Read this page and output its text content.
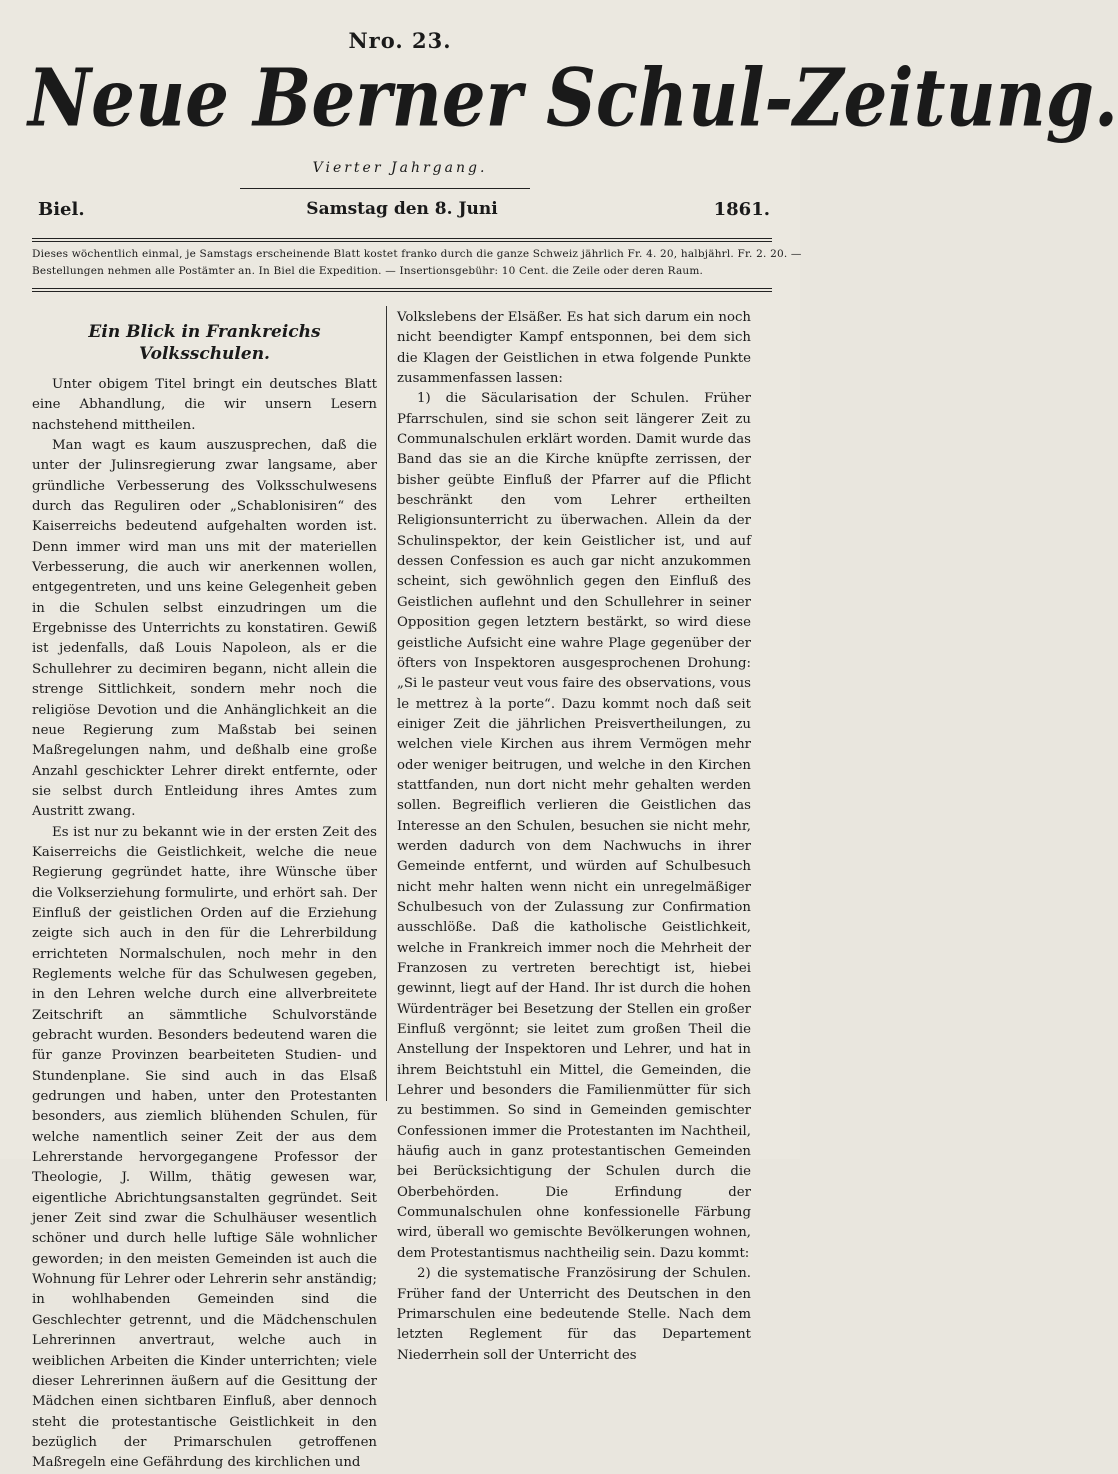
Nro. 23.
Neue Berner Schul-Zeitung.
Vierter Jahrgang.
Biel.	Samstag den 8. Juni	1861.
Dieses wöchentlich einmal, je Samstags erscheinende Blatt kostet franko durch die ganze Schweiz jährlich Fr. 4. 20, halbjährl. Fr. 2. 20. —
Bestellungen nehmen alle Postämter an. In Biel die Expedition. — Insertionsgebühr: 10 Cent. die Zeile oder deren Raum.
Ein Blick in Frankreichs Volksschulen.

Unter obigem Titel bringt ein deutsches Blatt eine Abhandlung, die wir unsern Lesern nachstehend mittheilen.

Man wagt es kaum auszusprechen, daß die unter der Julinsregierung zwar langsame, aber gründliche Verbesserung des Volksschulwesens durch das Reguliren oder „Schablonisiren“ des Kaiserreichs bedeutend aufgehalten worden ist. Denn immer wird man uns mit der materiellen Verbesserung, die auch wir anerkennen wollen, entgegentreten, und uns keine Gelegenheit geben in die Schulen selbst einzudringen um die Ergebnisse des Unterrichts zu konstatiren. Gewiß ist jedenfalls, daß Louis Napoleon, als er die Schullehrer zu decimiren begann, nicht allein die strenge Sittlichkeit, sondern mehr noch die religiöse Devotion und die Anhänglichkeit an die neue Regierung zum Maßstab bei seinen Maßregelungen nahm, und deßhalb eine große Anzahl geschickter Lehrer direkt entfernte, oder sie selbst durch Entleidung ihres Amtes zum Austritt zwang.

Es ist nur zu bekannt wie in der ersten Zeit des Kaiserreichs die Geistlichkeit, welche die neue Regierung gegründet hatte, ihre Wünsche über die Volkserziehung formulirte, und erhört sah. Der Einfluß der geistlichen Orden auf die Erziehung zeigte sich auch in den für die Lehrerbildung errichteten Normalschulen, noch mehr in den Reglements welche für das Schulwesen gegeben, in den Lehren welche durch eine allverbreitete Zeitschrift an sämmtliche Schulvorstände gebracht wurden. Besonders bedeutend waren die für ganze Provinzen bearbeiteten Studien- und Stundenplane. Sie sind auch in das Elsaß gedrungen und haben, unter den Protestanten besonders, aus ziemlich blühenden Schulen, für welche namentlich seiner Zeit der aus dem Lehrerstande hervorgegangene Professor der Theologie, J. Willm, thätig gewesen war, eigentliche Abrichtungsanstalten gegründet. Seit jener Zeit sind zwar die Schulhäuser wesentlich schöner und durch helle luftige Säle wohnlicher geworden; in den meisten Gemeinden ist auch die Wohnung für Lehrer oder Lehrerin sehr anständig; in wohlhabenden Gemeinden sind die Geschlechter getrennt, und die Mädchenschulen Lehrerinnen anvertraut, welche auch in weiblichen Arbeiten die Kinder unterrichten; viele dieser Lehrerinnen äußern auf die Gesittung der Mädchen einen sichtbaren Einfluß, aber dennoch steht die protestantische Geistlichkeit in den bezüglich der Primarschulen getroffenen Maßregeln eine Gefährdung des kirchlichen und

Volkslebens der Elsäßer. Es hat sich darum ein noch nicht beendigter Kampf entsponnen, bei dem sich die Klagen der Geistlichen in etwa folgende Punkte zusammenfassen lassen:

1) die Säcularisation der Schulen. Früher Pfarrschulen, sind sie schon seit längerer Zeit zu Communalschulen erklärt worden. Damit wurde das Band das sie an die Kirche knüpfte zerrissen, der bisher geübte Einfluß der Pfarrer auf die Pflicht beschränkt den vom Lehrer ertheilten Religionsunterricht zu überwachen. Allein da der Schulinspektor, der kein Geistlicher ist, und auf dessen Confession es auch gar nicht anzukommen scheint, sich gewöhnlich gegen den Einfluß des Geistlichen auflehnt und den Schullehrer in seiner Opposition gegen letztern bestärkt, so wird diese geistliche Aufsicht eine wahre Plage gegenüber der öfters von Inspektoren ausgesprochenen Drohung: „Si le pasteur veut vous faire des observations, vous le mettrez à la porte“. Dazu kommt noch daß seit einiger Zeit die jährlichen Preisvertheilungen, zu welchen viele Kirchen aus ihrem Vermögen mehr oder weniger beitrugen, und welche in den Kirchen stattfanden, nun dort nicht mehr gehalten werden sollen. Begreiflich verlieren die Geistlichen das Interesse an den Schulen, besuchen sie nicht mehr, werden dadurch von dem Nachwuchs in ihrer Gemeinde entfernt, und würden auf Schulbesuch nicht mehr halten wenn nicht ein unregelmäßiger Schulbesuch von der Zulassung zur Confirmation ausschlöße. Daß die katholische Geistlichkeit, welche in Frankreich immer noch die Mehrheit der Franzosen zu vertreten berechtigt ist, hiebei gewinnt, liegt auf der Hand. Ihr ist durch die hohen Würdenträger bei Besetzung der Stellen ein großer Einfluß vergönnt; sie leitet zum großen Theil die Anstellung der Inspektoren und Lehrer, und hat in ihrem Beichtstuhl ein Mittel, die Gemeinden, die Lehrer und besonders die Familienmütter für sich zu bestimmen. So sind in Gemeinden gemischter Confessionen immer die Protestanten im Nachtheil, häufig auch in ganz protestantischen Gemeinden bei Berücksichtigung der Schulen durch die Oberbehörden. Die Erfindung der Communalschulen ohne konfessionelle Färbung wird, überall wo gemischte Bevölkerungen wohnen, dem Protestantismus nachtheilig sein. Dazu kommt:

2) die systematische Französirung der Schulen. Früher fand der Unterricht des Deutschen in den Primarschulen eine bedeutende Stelle. Nach dem letzten Reglement für das Departement Niederrhein soll der Unterricht des
